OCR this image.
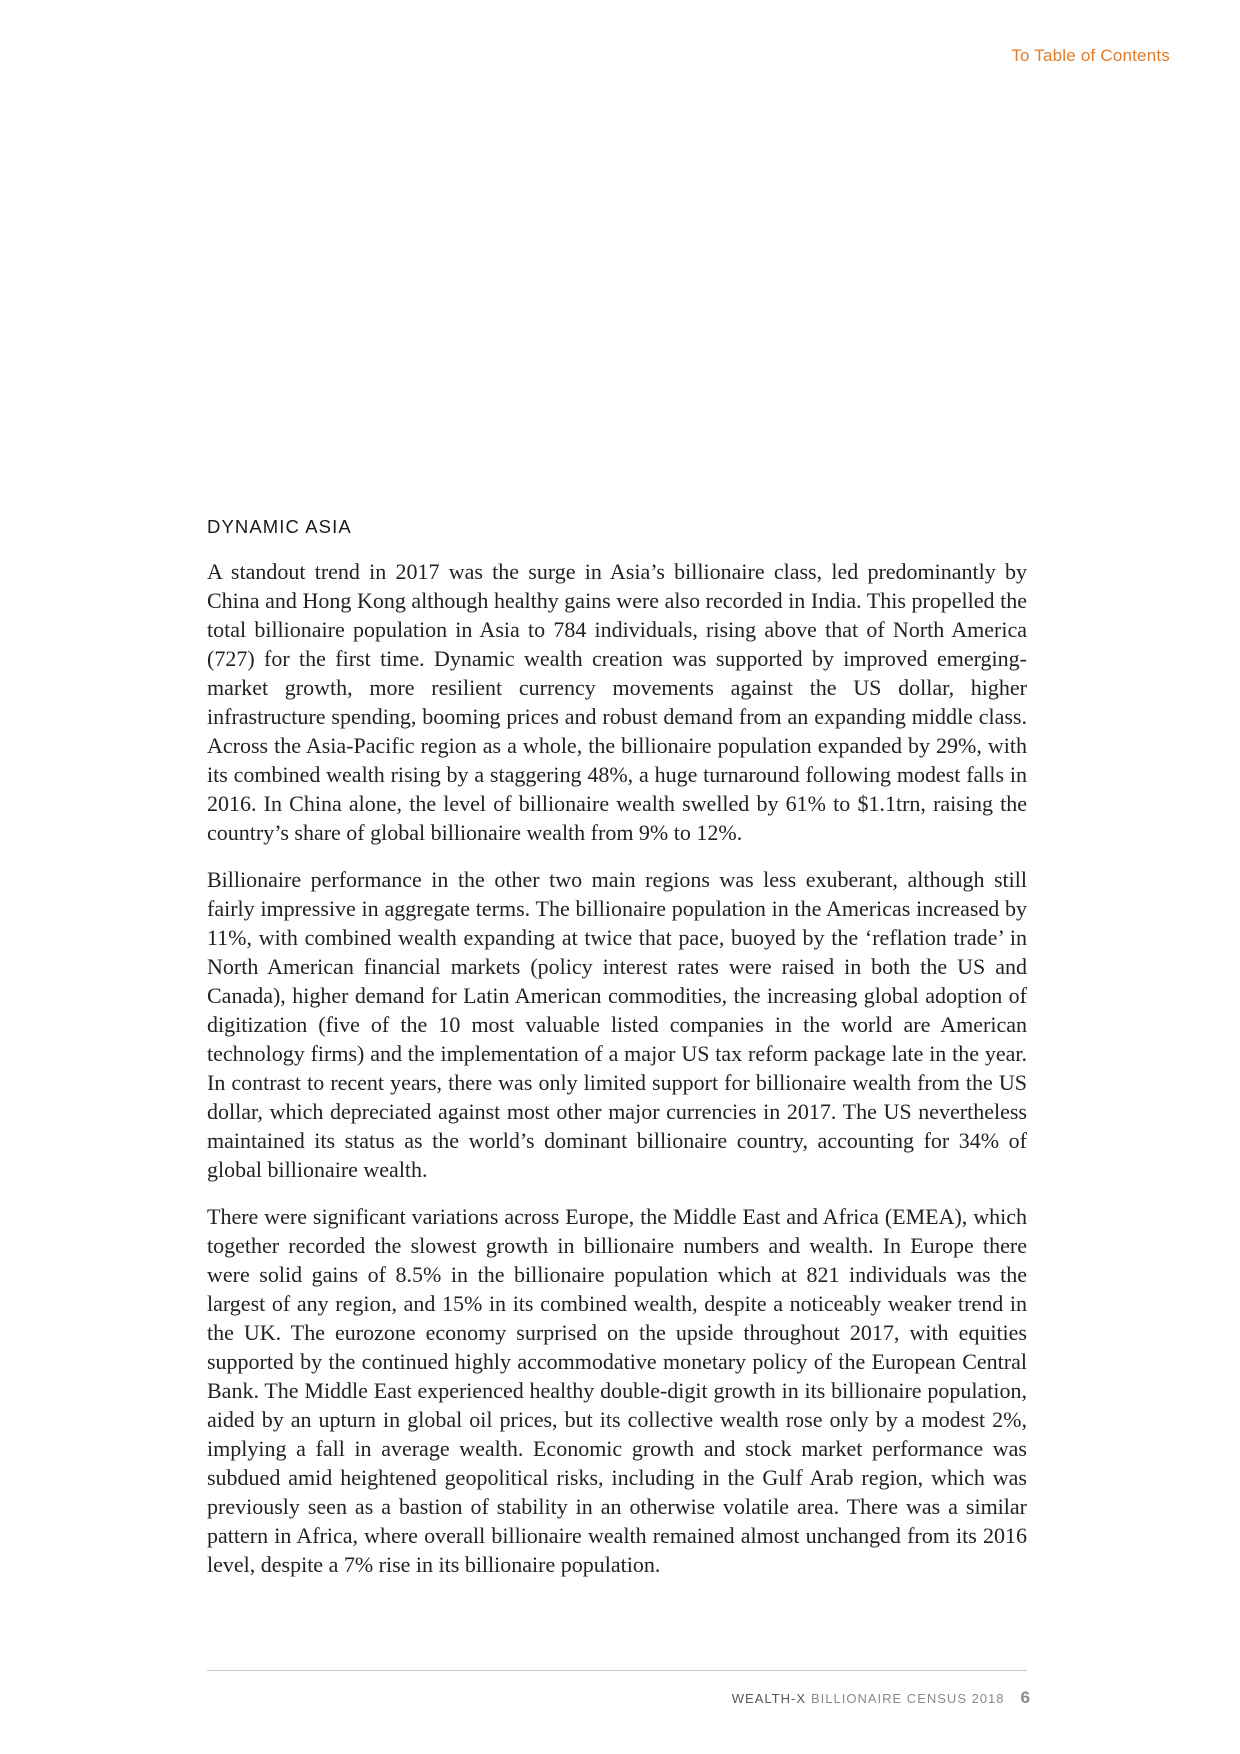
To Table of Contents
DYNAMIC ASIA

A standout trend in 2017 was the surge in Asia’s billionaire class, led predominantly by China and Hong Kong although healthy gains were also recorded in India. This propelled the total billionaire population in Asia to 784 individuals, rising above that of North America (727) for the first time. Dynamic wealth creation was supported by improved emerging-market growth, more resilient currency movements against the US dollar, higher infrastructure spending, booming prices and robust demand from an expanding middle class. Across the Asia-Pacific region as a whole, the billionaire population expanded by 29%, with its combined wealth rising by a staggering 48%, a huge turnaround following modest falls in 2016. In China alone, the level of billionaire wealth swelled by 61% to $1.1trn, raising the country’s share of global billionaire wealth from 9% to 12%.

Billionaire performance in the other two main regions was less exuberant, although still fairly impressive in aggregate terms. The billionaire population in the Americas increased by 11%, with combined wealth expanding at twice that pace, buoyed by the ‘reflation trade’ in North American financial markets (policy interest rates were raised in both the US and Canada), higher demand for Latin American commodities, the increasing global adoption of digitization (five of the 10 most valuable listed companies in the world are American technology firms) and the implementation of a major US tax reform package late in the year. In contrast to recent years, there was only limited support for billionaire wealth from the US dollar, which depreciated against most other major currencies in 2017. The US nevertheless maintained its status as the world’s dominant billionaire country, accounting for 34% of global billionaire wealth.

There were significant variations across Europe, the Middle East and Africa (EMEA), which together recorded the slowest growth in billionaire numbers and wealth. In Europe there were solid gains of 8.5% in the billionaire population which at 821 individuals was the largest of any region, and 15% in its combined wealth, despite a noticeably weaker trend in the UK. The eurozone economy surprised on the upside throughout 2017, with equities supported by the continued highly accommodative monetary policy of the European Central Bank. The Middle East experienced healthy double-digit growth in its billionaire population, aided by an upturn in global oil prices, but its collective wealth rose only by a modest 2%, implying a fall in average wealth. Economic growth and stock market performance was subdued amid heightened geopolitical risks, including in the Gulf Arab region, which was previously seen as a bastion of stability in an otherwise volatile area. There was a similar pattern in Africa, where overall billionaire wealth remained almost unchanged from its 2016 level, despite a 7% rise in its billionaire population.

WEALTH-X BILLIONAIRE CENSUS 2018 6
